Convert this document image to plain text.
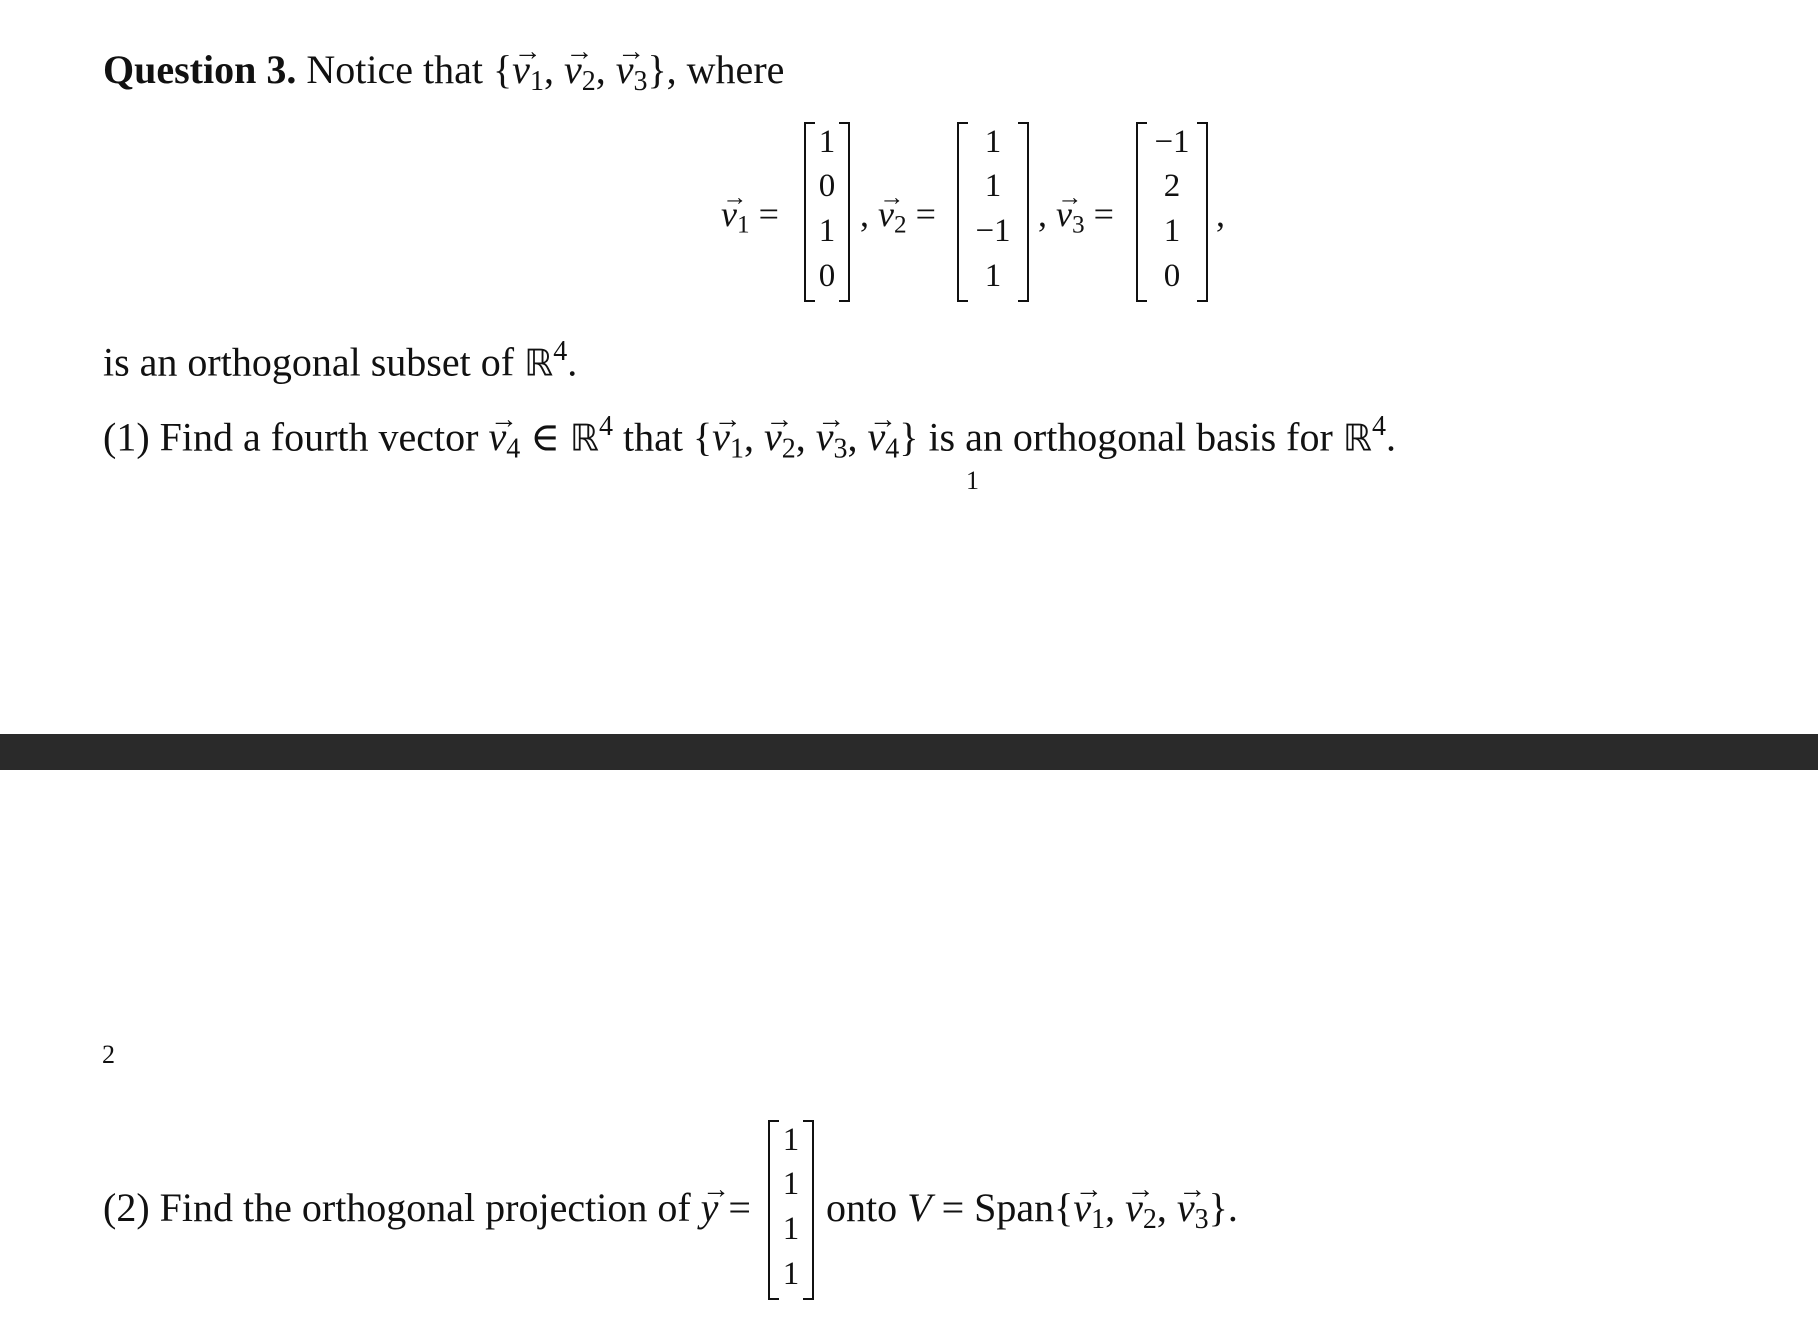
Question 3. Notice that {→ v1, → v2, → v3}, where
→ v1 =
1
0
1
0
, → v2 =
1
1
−1
1
, → v3 =
−1
2
1
0
,
is an orthogonal subset of ℝ$^4$.
(1) Find a fourth vector → v4 ∈ ℝ$^4$ that {→ v1, → v2, → v3, → v4} is an orthogonal basis for ℝ$^4$.
1
2
(2) Find the orthogonal projection of → y =
1
1
1
1
onto V = Span{→ v1, → v2, → v3}.
